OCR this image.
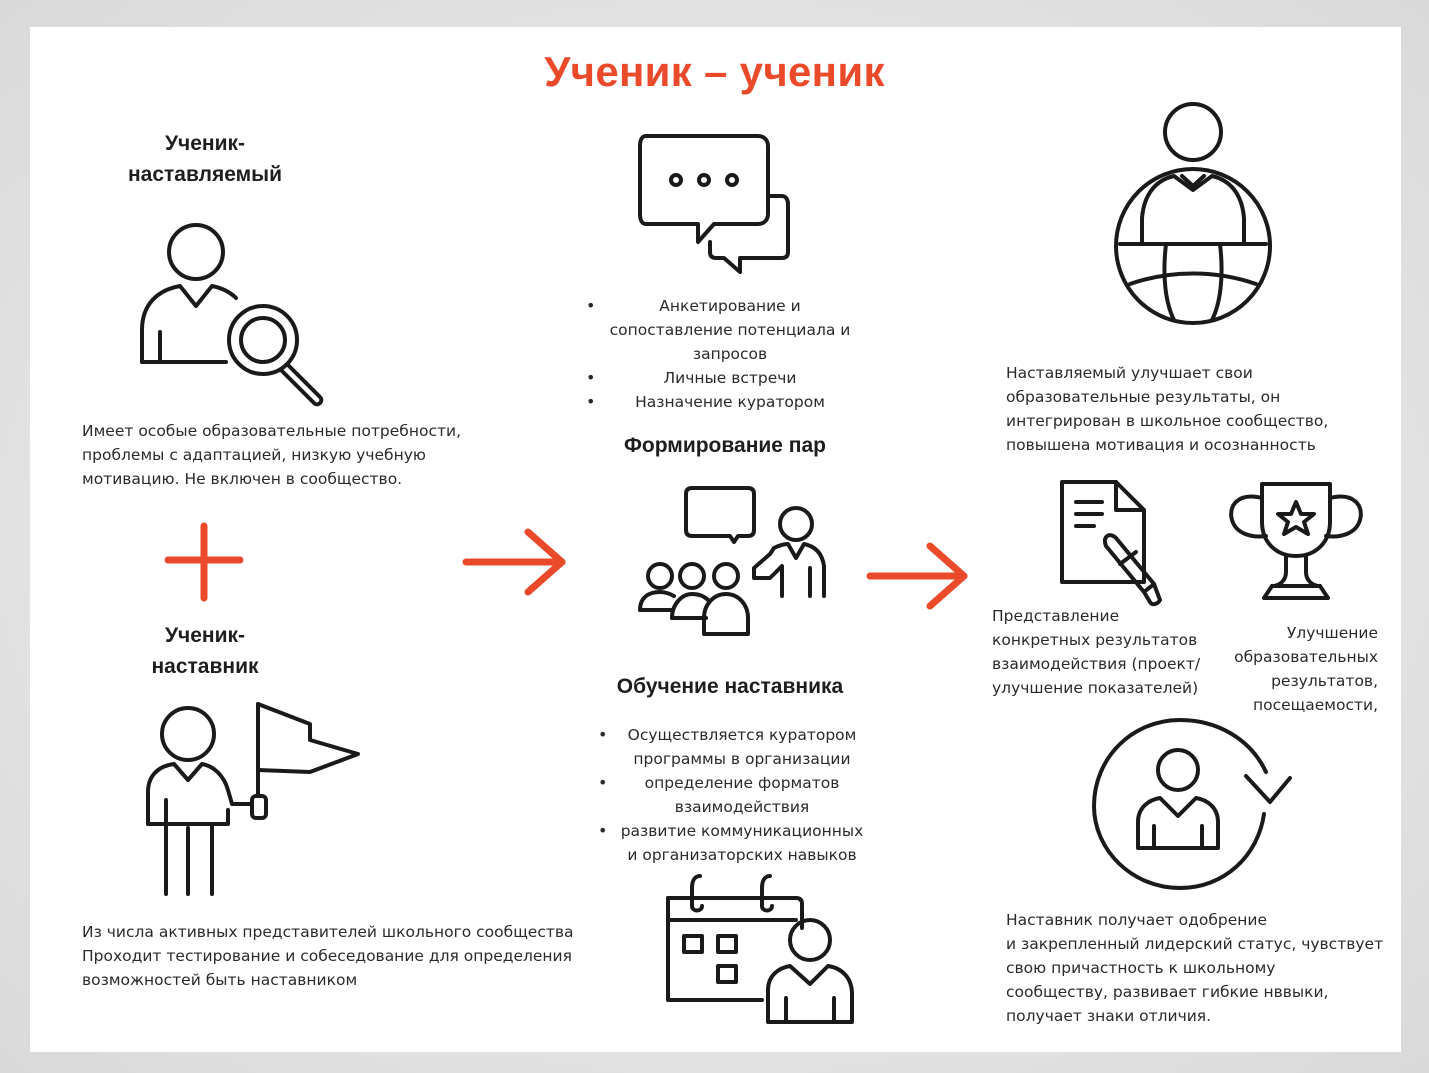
Ученик – ученик
Ученик-
наставляемый
Имеет особые образовательные потребности,
проблемы с адаптацией, низкую учебную
мотивацию. Не включен в сообщество.
Ученик-
наставник
Из числа активных представителей школьного сообщества
Проходит тестирование и собеседование для определения
возможностей быть наставником
• Анкетирование и
сопоставление потенциала и
запросов
• Личные встречи
• Назначение куратором
Формирование пар
Обучение наставника
• Осуществляется куратором
программы в организации
• определение форматов
взаимодействия
• развитие коммуникационных
и организаторских навыков
Наставляемый улучшает свои
образовательные результаты, он
интегрирован в школьное сообщество,
повышена мотивация и осознанность
Представление
конкретных результатов
взаимодействия (проект/
улучшение показателей)
Улучшение
образовательных
результатов,
посещаемости,
Наставник получает одобрение
и закрепленный лидерский статус, чувствует
свою причастность к школьному
сообществу, развивает гибкие нввыки,
получает знаки отличия.
